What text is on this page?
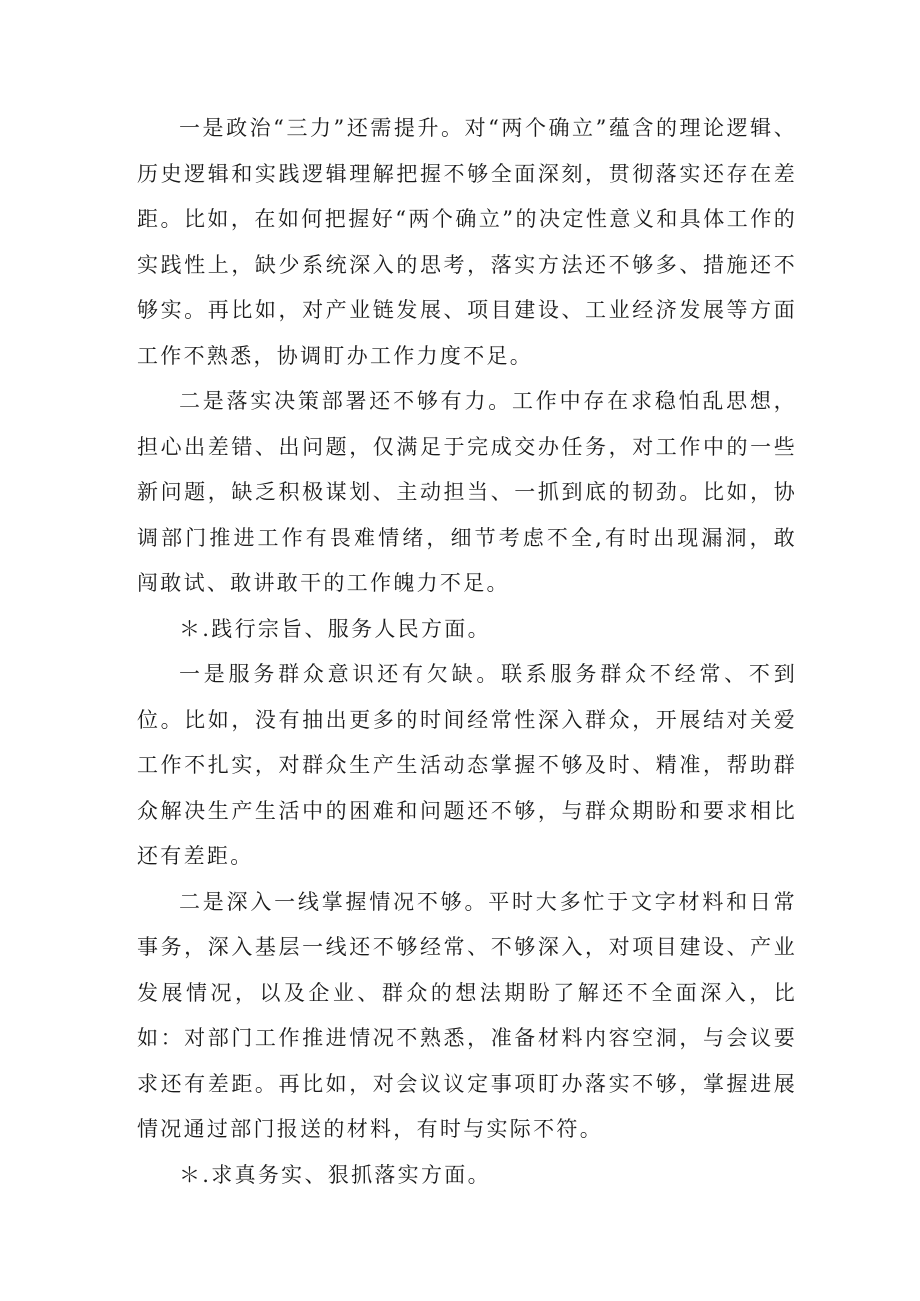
一是政治“三力”还需提升。对“两个确立”蕴含的理论逻辑、历史逻辑和实践逻辑理解把握不够全面深刻，贯彻落实还存在差距。比如，在如何把握好“两个确立”的决定性意义和具体工作的实践性上，缺少系统深入的思考，落实方法还不够多、措施还不够实。再比如，对产业链发展、项目建设、工业经济发展等方面工作不熟悉，协调盯办工作力度不足。

二是落实决策部署还不够有力。工作中存在求稳怕乱思想，担心出差错、出问题，仅满足于完成交办任务，对工作中的一些新问题，缺乏积极谋划、主动担当、一抓到底的韧劲。比如，协调部门推进工作有畏难情绪，细节考虑不全,有时出现漏洞，敢闯敢试、敢讲敢干的工作魄力不足。

＊.践行宗旨、服务人民方面。

一是服务群众意识还有欠缺。联系服务群众不经常、不到位。比如，没有抽出更多的时间经常性深入群众，开展结对关爱工作不扎实，对群众生产生活动态掌握不够及时、精准，帮助群众解决生产生活中的困难和问题还不够，与群众期盼和要求相比还有差距。

二是深入一线掌握情况不够。平时大多忙于文字材料和日常事务，深入基层一线还不够经常、不够深入，对项目建设、产业发展情况，以及企业、群众的想法期盼了解还不全面深入，比如：对部门工作推进情况不熟悉，准备材料内容空洞，与会议要求还有差距。再比如，对会议议定事项盯办落实不够，掌握进展情况通过部门报送的材料，有时与实际不符。

＊.求真务实、狠抓落实方面。
